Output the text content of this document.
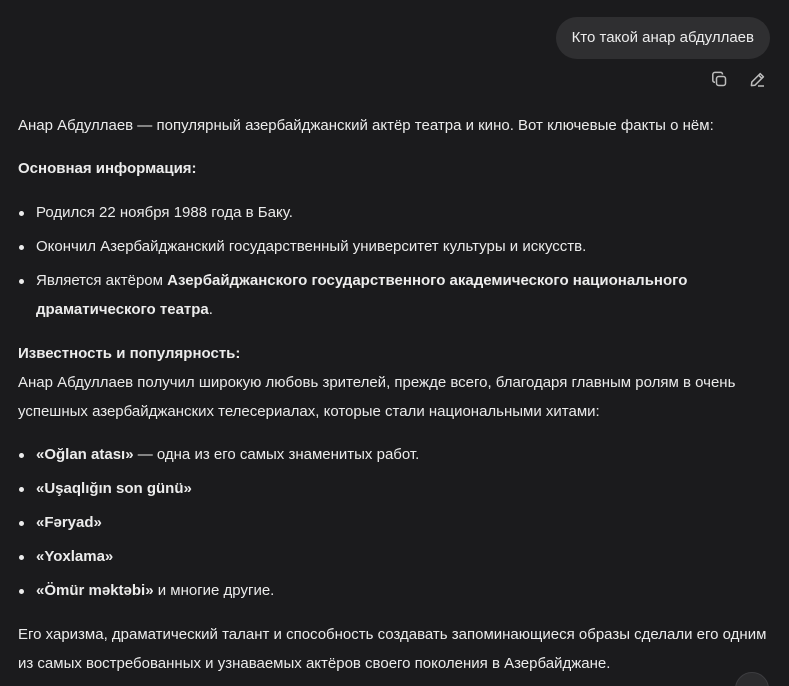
Кто такой анар абдуллаев

Анар Абдуллаев — популярный азербайджанский актёр театра и кино. Вот ключевые факты о нём:

Основная информация:

Родился 22 ноября 1988 года в Баку.
Окончил Азербайджанский государственный университет культуры и искусств.
Является актёром Азербайджанского государственного академического национального драматического театра.

Известность и популярность:

Анар Абдуллаев получил широкую любовь зрителей, прежде всего, благодаря главным ролям в очень успешных азербайджанских телесериалах, которые стали национальными хитами:

«Oğlan atası» — одна из его самых знаменитых работ.
«Uşaqlığın son günü»
«Fəryad»
«Yoxlama»
«Ömür məktəbi» и многие другие.

Его харизма, драматический талант и способность создавать запоминающиеся образы сделали его одним из самых востребованных и узнаваемых актёров своего поколения в Азербайджане.
